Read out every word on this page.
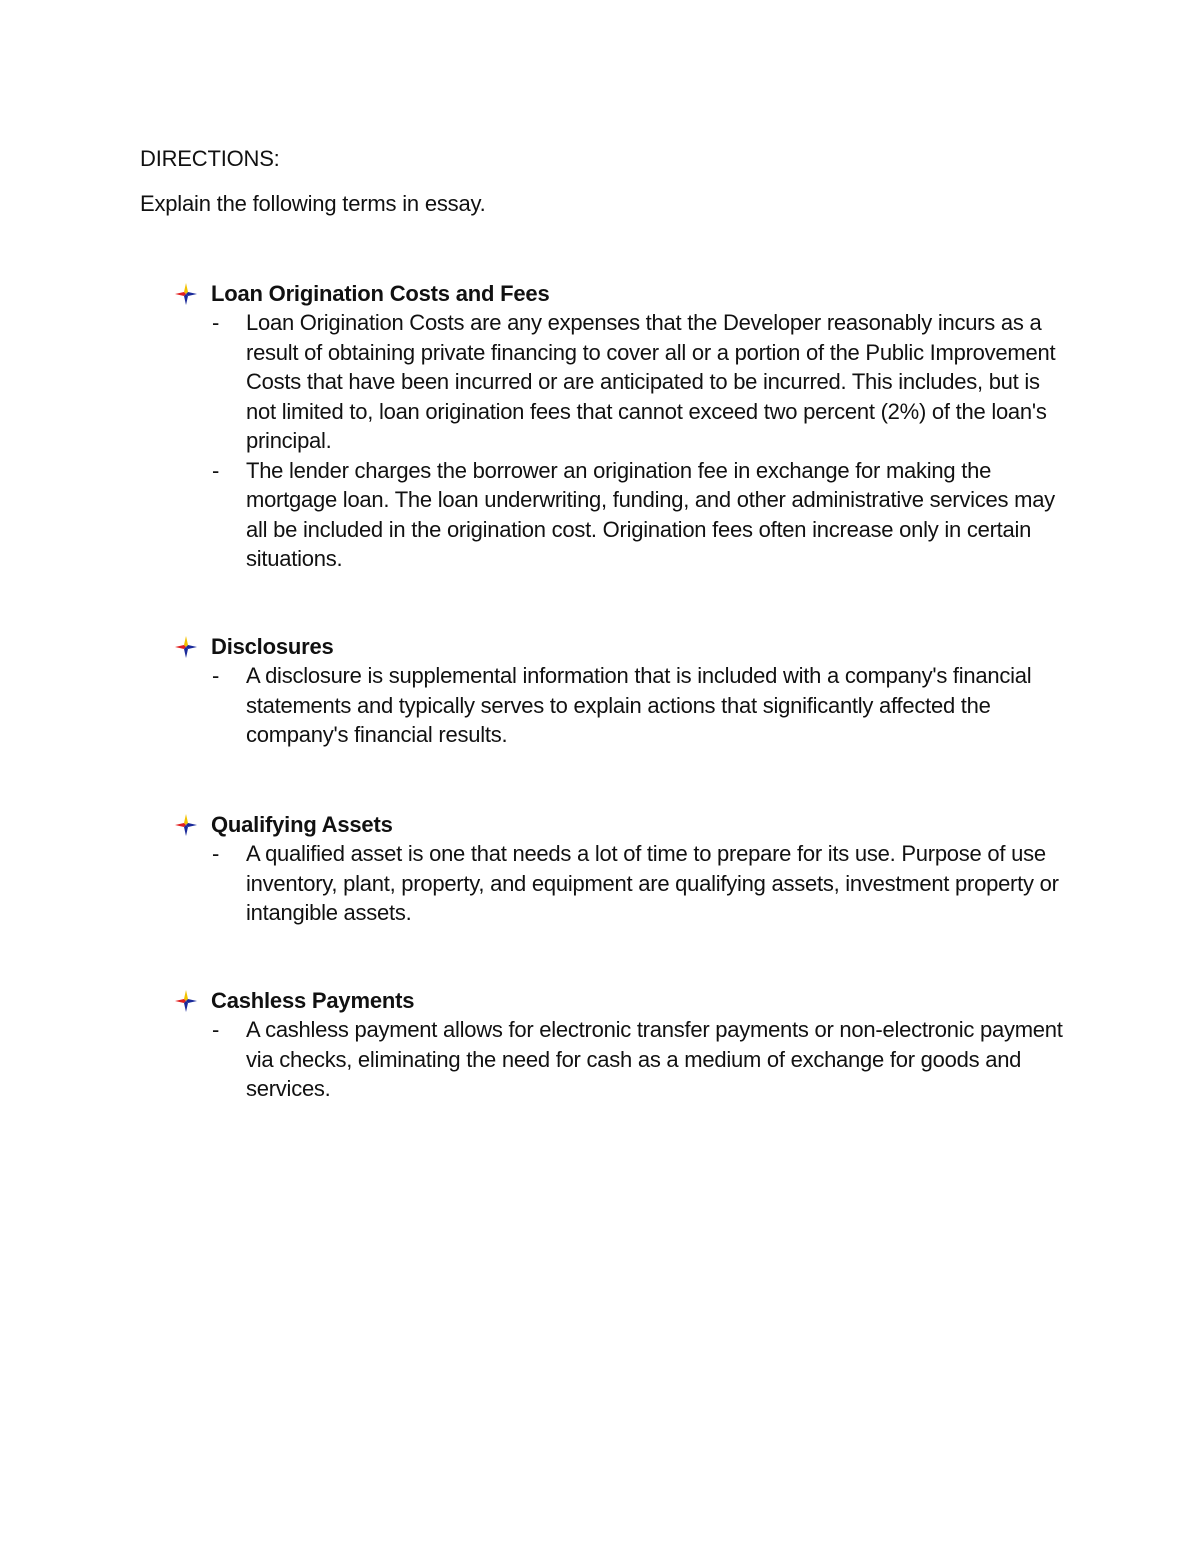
DIRECTIONS:
Explain the following terms in essay.
Loan Origination Costs and Fees
- Loan Origination Costs are any expenses that the Developer reasonably incurs as a result of obtaining private financing to cover all or a portion of the Public Improvement Costs that have been incurred or are anticipated to be incurred. This includes, but is not limited to, loan origination fees that cannot exceed two percent (2%) of the loan's principal.
- The lender charges the borrower an origination fee in exchange for making the mortgage loan. The loan underwriting, funding, and other administrative services may all be included in the origination cost. Origination fees often increase only in certain situations.
Disclosures
- A disclosure is supplemental information that is included with a company's financial statements and typically serves to explain actions that significantly affected the company's financial results.
Qualifying Assets
- A qualified asset is one that needs a lot of time to prepare for its use. Purpose of use inventory, plant, property, and equipment are qualifying assets, investment property or intangible assets.
Cashless Payments
- A cashless payment allows for electronic transfer payments or non-electronic payment via checks, eliminating the need for cash as a medium of exchange for goods and services.
